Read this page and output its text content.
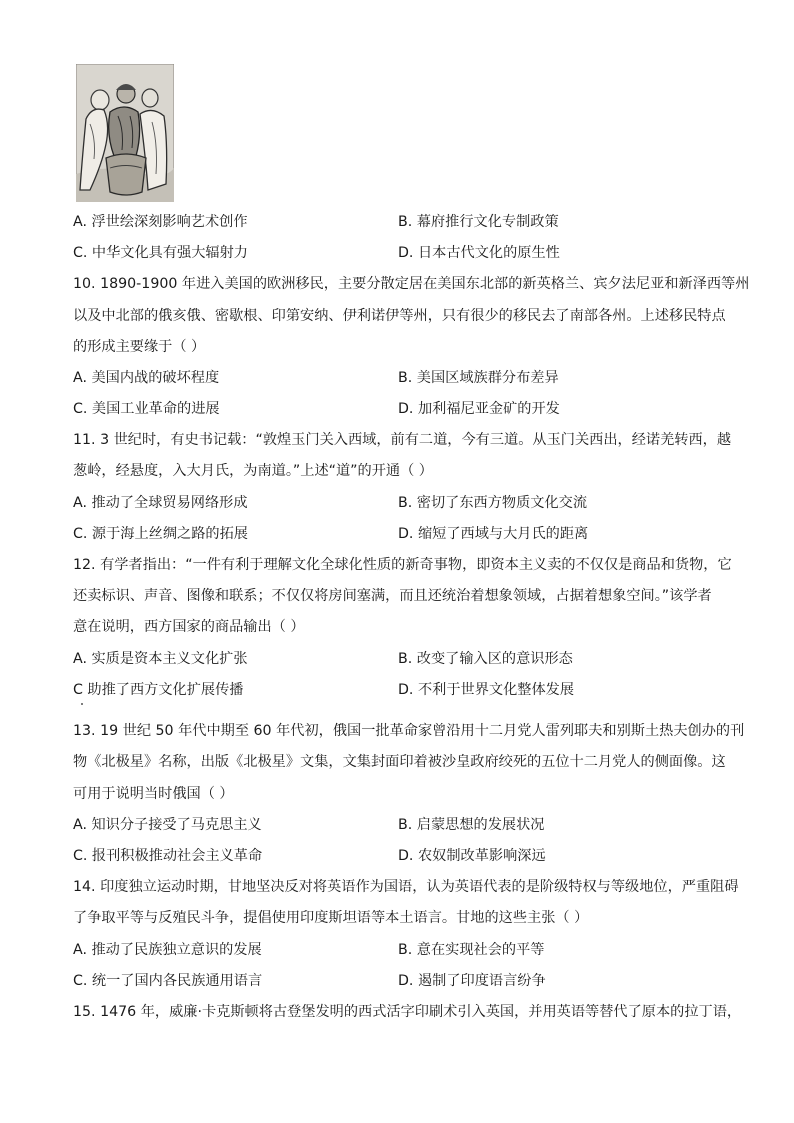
A. 浮世绘深刻影响艺术创作	B. 幕府推行文化专制政策
C. 中华文化具有强大辐射力	D. 日本古代文化的原生性
10. 1890-1900 年进入美国的欧洲移民，主要分散定居在美国东北部的新英格兰、宾夕法尼亚和新泽西等州
以及中北部的俄亥俄、密歇根、印第安纳、伊利诺伊等州，只有很少的移民去了南部各州。上述移民特点
的形成主要缘于（ ）
A. 美国内战的破坏程度	B. 美国区域族群分布差异
C. 美国工业革命的进展	D. 加利福尼亚金矿的开发
11. 3 世纪时，有史书记载：“敦煌玉门关入西域，前有二道，今有三道。从玉门关西出，经诺羌转西，越
葱岭，经悬度，入大月氏，为南道。”上述“道”的开通（ ）
A. 推动了全球贸易网络形成	B. 密切了东西方物质文化交流
C. 源于海上丝绸之路的拓展	D. 缩短了西域与大月氏的距离
12. 有学者指出：“一件有利于理解文化全球化性质的新奇事物，即资本主义卖的不仅仅是商品和货物，它
还卖标识、声音、图像和联系；不仅仅将房间塞满，而且还统治着想象领域，占据着想象空间。”该学者
意在说明，西方国家的商品输出（ ）
A. 实质是资本主义文化扩张	B. 改变了输入区的意识形态
C 助推了西方文化扩展传播	D. 不利于世界文化整体发展
13. 19 世纪 50 年代中期至 60 年代初，俄国一批革命家曾沿用十二月党人雷列耶夫和别斯土热夫创办的刊
物《北极星》名称，出版《北极星》文集，文集封面印着被沙皇政府绞死的五位十二月党人的侧面像。这
可用于说明当时俄国（ ）
A. 知识分子接受了马克思主义	B. 启蒙思想的发展状况
C. 报刊积极推动社会主义革命	D. 农奴制改革影响深远
14. 印度独立运动时期，甘地坚决反对将英语作为国语，认为英语代表的是阶级特权与等级地位，严重阻碍
了争取平等与反殖民斗争，提倡使用印度斯坦语等本土语言。甘地的这些主张（ ）
A. 推动了民族独立意识的发展	B. 意在实现社会的平等
C. 统一了国内各民族通用语言	D. 遏制了印度语言纷争
15. 1476 年，威廉·卡克斯顿将古登堡发明的西式活字印刷术引入英国，并用英语等替代了原本的拉丁语，
